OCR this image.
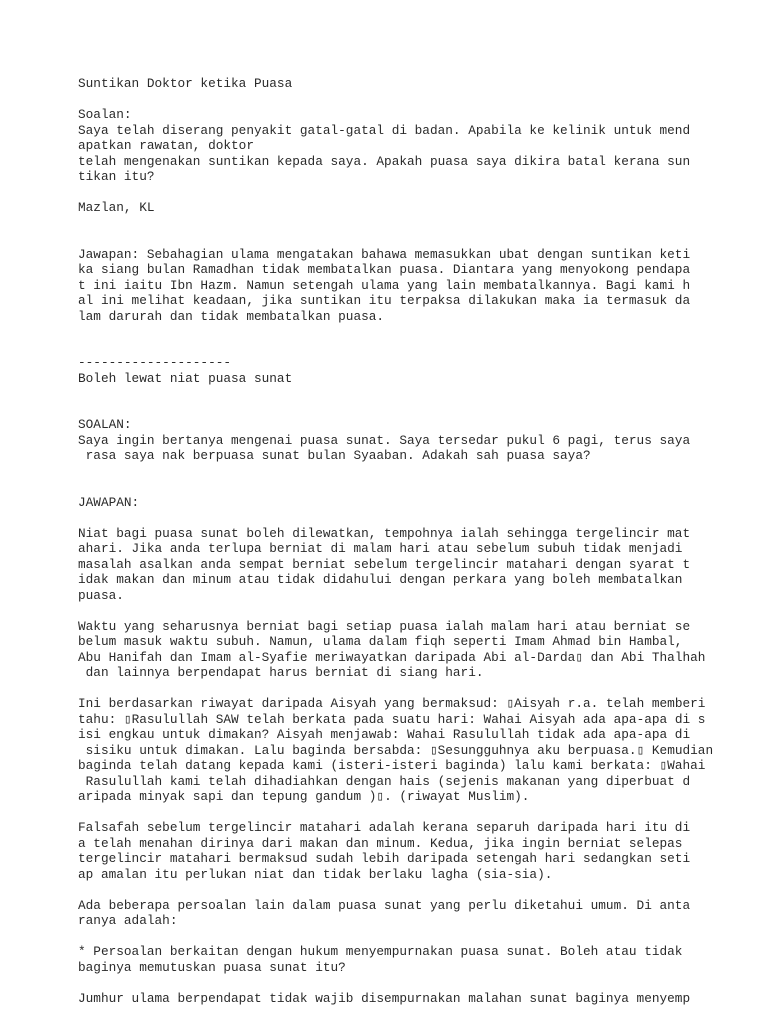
Suntikan Doktor ketika Puasa
Soalan:
Saya telah diserang penyakit gatal-gatal di badan. Apabila ke kelinik untuk mend
apatkan rawatan, doktor
telah mengenakan suntikan kepada saya. Apakah puasa saya dikira batal kerana sun
tikan itu?
Mazlan, KL
Jawapan: Sebahagian ulama mengatakan bahawa memasukkan ubat dengan suntikan keti
ka siang bulan Ramadhan tidak membatalkan puasa. Diantara yang menyokong pendapa
t ini iaitu Ibn Hazm. Namun setengah ulama yang lain membatalkannya. Bagi kami h
al ini melihat keadaan, jika suntikan itu terpaksa dilakukan maka ia termasuk da
lam darurah dan tidak membatalkan puasa.
--------------------
Boleh lewat niat puasa sunat
SOALAN:
Saya ingin bertanya mengenai puasa sunat. Saya tersedar pukul 6 pagi, terus saya
rasa saya nak berpuasa sunat bulan Syaaban. Adakah sah puasa saya?
JAWAPAN:
Niat bagi puasa sunat boleh dilewatkan, tempohnya ialah sehingga tergelincir mat
ahari. Jika anda terlupa berniat di malam hari atau sebelum subuh tidak menjadi
masalah asalkan anda sempat berniat sebelum tergelincir matahari dengan syarat t
idak makan dan minum atau tidak didahului dengan perkara yang boleh membatalkan
puasa.
Waktu yang seharusnya berniat bagi setiap puasa ialah malam hari atau berniat se
belum masuk waktu subuh. Namun, ulama dalam fiqh seperti Imam Ahmad bin Hambal,
Abu Hanifah dan Imam al-Syafie meriwayatkan daripada Abi al-Darda▯ dan Abi Thalhah
dan lainnya berpendapat harus berniat di siang hari.
Ini berdasarkan riwayat daripada Aisyah yang bermaksud: ▯Aisyah r.a. telah memberi
tahu: ▯Rasulullah SAW telah berkata pada suatu hari: Wahai Aisyah ada apa-apa di s
isi engkau untuk dimakan? Aisyah menjawab: Wahai Rasulullah tidak ada apa-apa di
sisiku untuk dimakan. Lalu baginda bersabda: ▯Sesungguhnya aku berpuasa.▯ Kemudian
baginda telah datang kepada kami (isteri-isteri baginda) lalu kami berkata: ▯Wahai
Rasulullah kami telah dihadiahkan dengan hais (sejenis makanan yang diperbuat d
aripada minyak sapi dan tepung gandum )▯. (riwayat Muslim).
Falsafah sebelum tergelincir matahari adalah kerana separuh daripada hari itu di
a telah menahan dirinya dari makan dan minum. Kedua, jika ingin berniat selepas
tergelincir matahari bermaksud sudah lebih daripada setengah hari sedangkan seti
ap amalan itu perlukan niat dan tidak berlaku lagha (sia-sia).
Ada beberapa persoalan lain dalam puasa sunat yang perlu diketahui umum. Di anta
ranya adalah:
* Persoalan berkaitan dengan hukum menyempurnakan puasa sunat. Boleh atau tidak
baginya memutuskan puasa sunat itu?
Jumhur ulama berpendapat tidak wajib disempurnakan malahan sunat baginya menyemp
